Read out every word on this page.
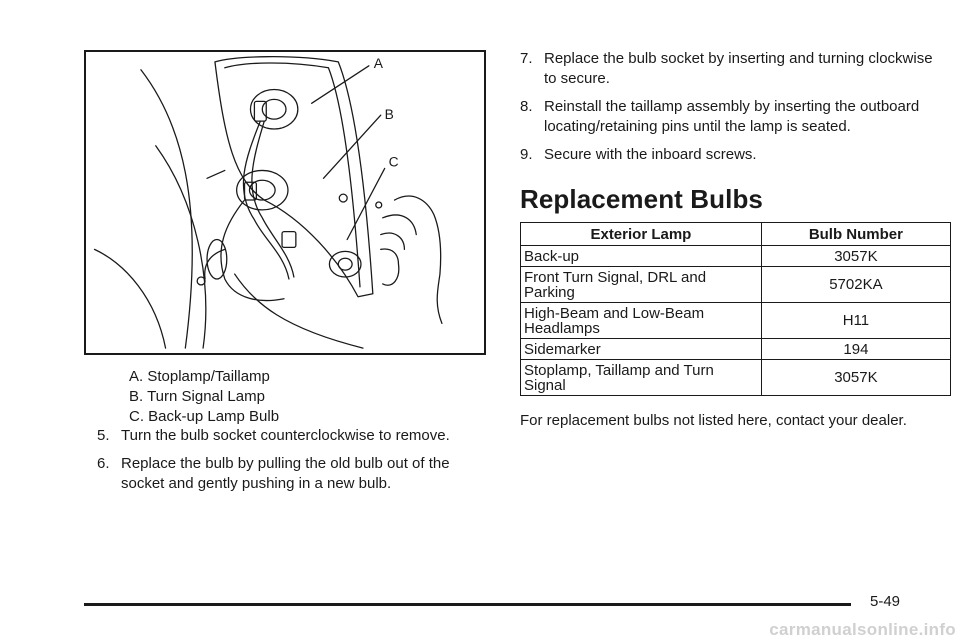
A
B
C
A. Stoplamp/Taillamp
B. Turn Signal Lamp
C. Back-up Lamp Bulb
5. Turn the bulb socket counterclockwise to remove.
6. Replace the bulb by pulling the old bulb out of the socket and gently pushing in a new bulb.
7. Replace the bulb socket by inserting and turning clockwise to secure.
8. Reinstall the taillamp assembly by inserting the outboard locating/retaining pins until the lamp is seated.
9. Secure with the inboard screws.
Replacement Bulbs
Exterior Lamp	Bulb Number
Back-up	3057K
Front Turn Signal, DRL and Parking	5702KA
High-Beam and Low-Beam Headlamps	H11
Sidemarker	194
Stoplamp, Taillamp and Turn Signal	3057K

For replacement bulbs not listed here, contact your dealer.

5-49
carmanualsonline.info
